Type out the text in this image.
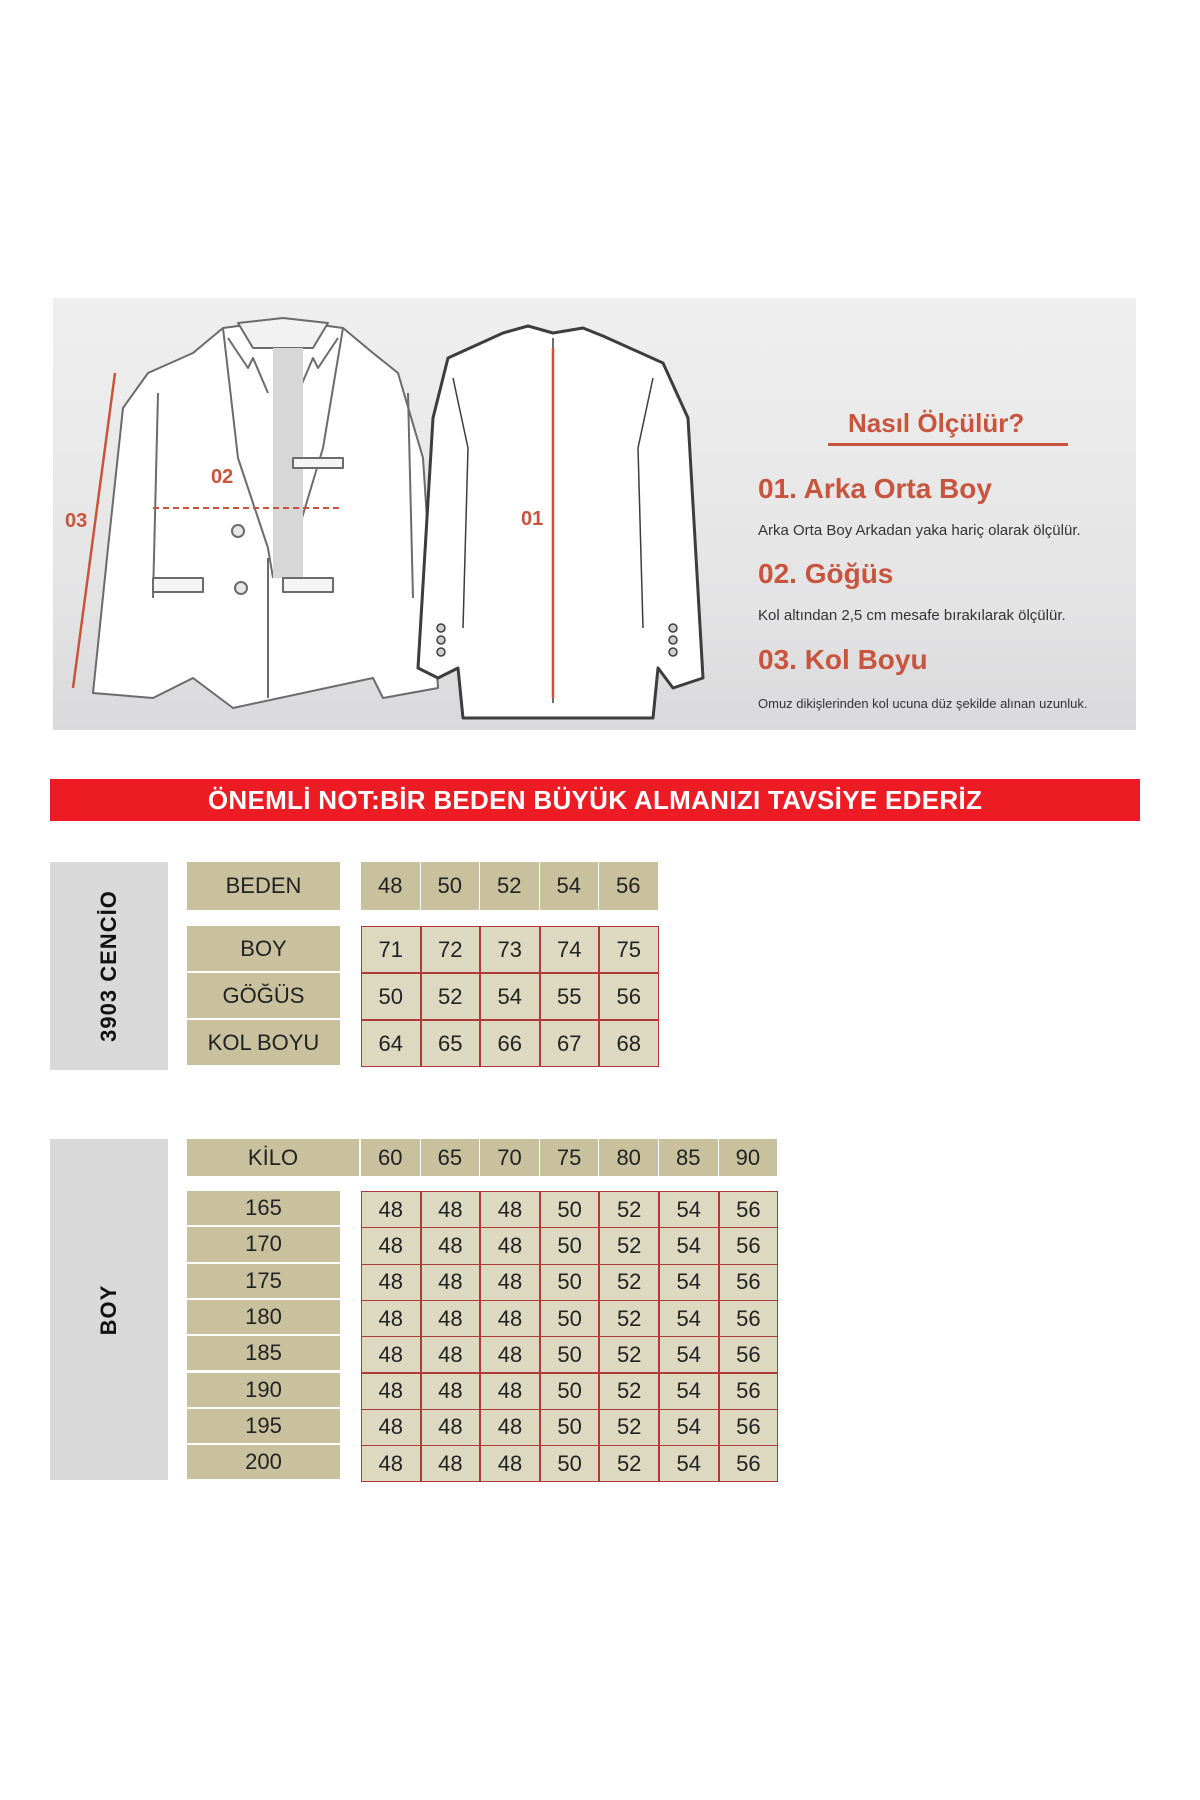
03
02
01
Nasıl Ölçülür?
01. Arka Orta Boy
Arka Orta Boy Arkadan yaka hariç olarak ölçülür.
02. Göğüs
Kol altından 2,5 cm mesafe bırakılarak ölçülür.
03. Kol Boyu
Omuz dikişlerinden kol ucuna düz şekilde alınan uzunluk.
ÖNEMLİ NOT:BİR BEDEN BÜYÜK ALMANIZI TAVSİYE EDERİZ
3903 CENCİO
BOY
BEDEN	48	50	52	54	56
BOY	71	72	73	74	75
GÖĞÜS	50	52	54	55	56
KOL BOYU	64	65	66	67	68
KİLO	60	65	70	75	80	85	90
165	48	48	48	50	52	54	56
170	48	48	48	50	52	54	56
175	48	48	48	50	52	54	56
180	48	48	48	50	52	54	56
185	48	48	48	50	52	54	56
190	48	48	48	50	52	54	56
195	48	48	48	50	52	54	56
200	48	48	48	50	52	54	56
